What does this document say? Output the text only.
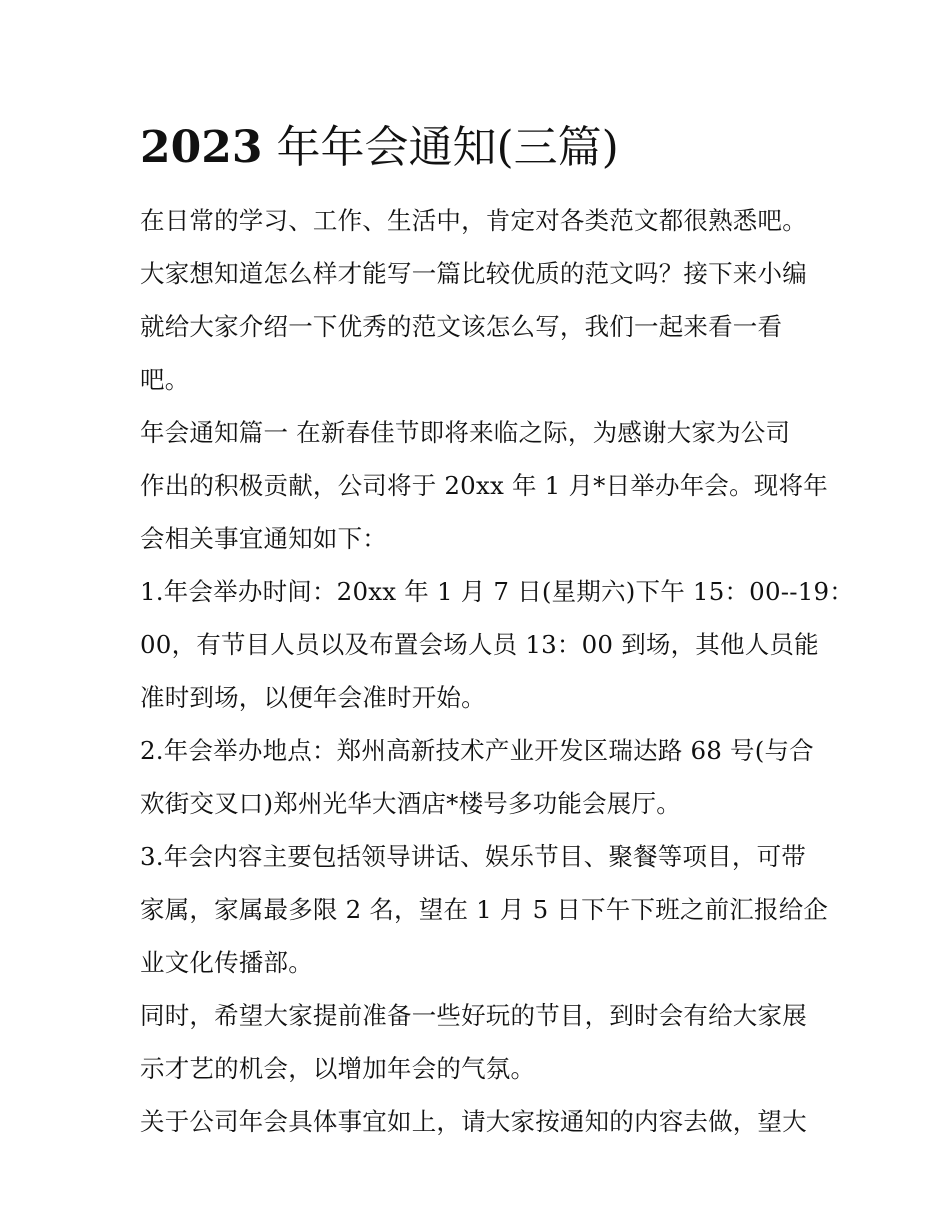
2023 年年会通知(三篇)

在日常的学习、工作、生活中，肯定对各类范文都很熟悉吧。
大家想知道怎么样才能写一篇比较优质的范文吗？接下来小编
就给大家介绍一下优秀的范文该怎么写，我们一起来看一看
吧。

年会通知篇一 在新春佳节即将来临之际，为感谢大家为公司
作出的积极贡献，公司将于 20xx 年 1 月*日举办年会。现将年
会相关事宜通知如下：

1.年会举办时间：20xx 年 1 月 7 日(星期六)下午 15：00--19：
00，有节目人员以及布置会场人员 13：00 到场，其他人员能
准时到场，以便年会准时开始。

2.年会举办地点：郑州高新技术产业开发区瑞达路 68 号(与合
欢街交叉口)郑州光华大酒店*楼号多功能会展厅。

3.年会内容主要包括领导讲话、娱乐节目、聚餐等项目，可带
家属，家属最多限 2 名，望在 1 月 5 日下午下班之前汇报给企
业文化传播部。

同时，希望大家提前准备一些好玩的节目，到时会有给大家展
示才艺的机会，以增加年会的气氛。

关于公司年会具体事宜如上，请大家按通知的内容去做，望大
